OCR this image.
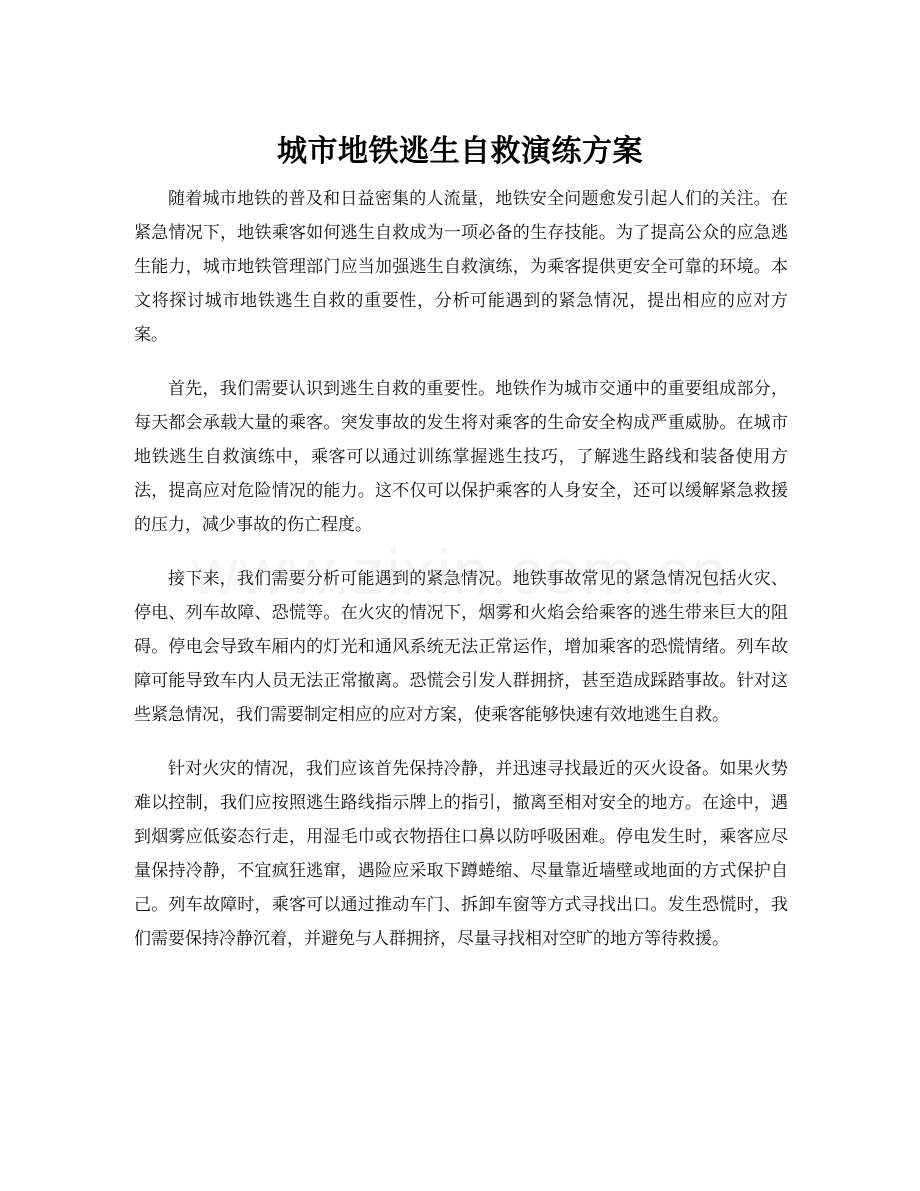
城市地铁逃生自救演练方案

随着城市地铁的普及和日益密集的人流量，地铁安全问题愈发引起人们的关注。在紧急情况下，地铁乘客如何逃生自救成为一项必备的生存技能。为了提高公众的应急逃生能力，城市地铁管理部门应当加强逃生自救演练，为乘客提供更安全可靠的环境。本文将探讨城市地铁逃生自救的重要性，分析可能遇到的紧急情况，提出相应的应对方案。

首先，我们需要认识到逃生自救的重要性。地铁作为城市交通中的重要组成部分，每天都会承载大量的乘客。突发事故的发生将对乘客的生命安全构成严重威胁。在城市地铁逃生自救演练中，乘客可以通过训练掌握逃生技巧，了解逃生路线和装备使用方法，提高应对危险情况的能力。这不仅可以保护乘客的人身安全，还可以缓解紧急救援的压力，减少事故的伤亡程度。

接下来，我们需要分析可能遇到的紧急情况。地铁事故常见的紧急情况包括火灾、停电、列车故障、恐慌等。在火灾的情况下，烟雾和火焰会给乘客的逃生带来巨大的阻碍。停电会导致车厢内的灯光和通风系统无法正常运作，增加乘客的恐慌情绪。列车故障可能导致车内人员无法正常撤离。恐慌会引发人群拥挤，甚至造成踩踏事故。针对这些紧急情况，我们需要制定相应的应对方案，使乘客能够快速有效地逃生自救。

针对火灾的情况，我们应该首先保持冷静，并迅速寻找最近的灭火设备。如果火势难以控制，我们应按照逃生路线指示牌上的指引，撤离至相对安全的地方。在途中，遇到烟雾应低姿态行走，用湿毛巾或衣物捂住口鼻以防呼吸困难。停电发生时，乘客应尽量保持冷静，不宜疯狂逃窜，遇险应采取下蹲蜷缩、尽量靠近墙壁或地面的方式保护自己。列车故障时，乘客可以通过推动车门、拆卸车窗等方式寻找出口。发生恐慌时，我们需要保持冷静沉着，并避免与人群拥挤，尽量寻找相对空旷的地方等待救援。
